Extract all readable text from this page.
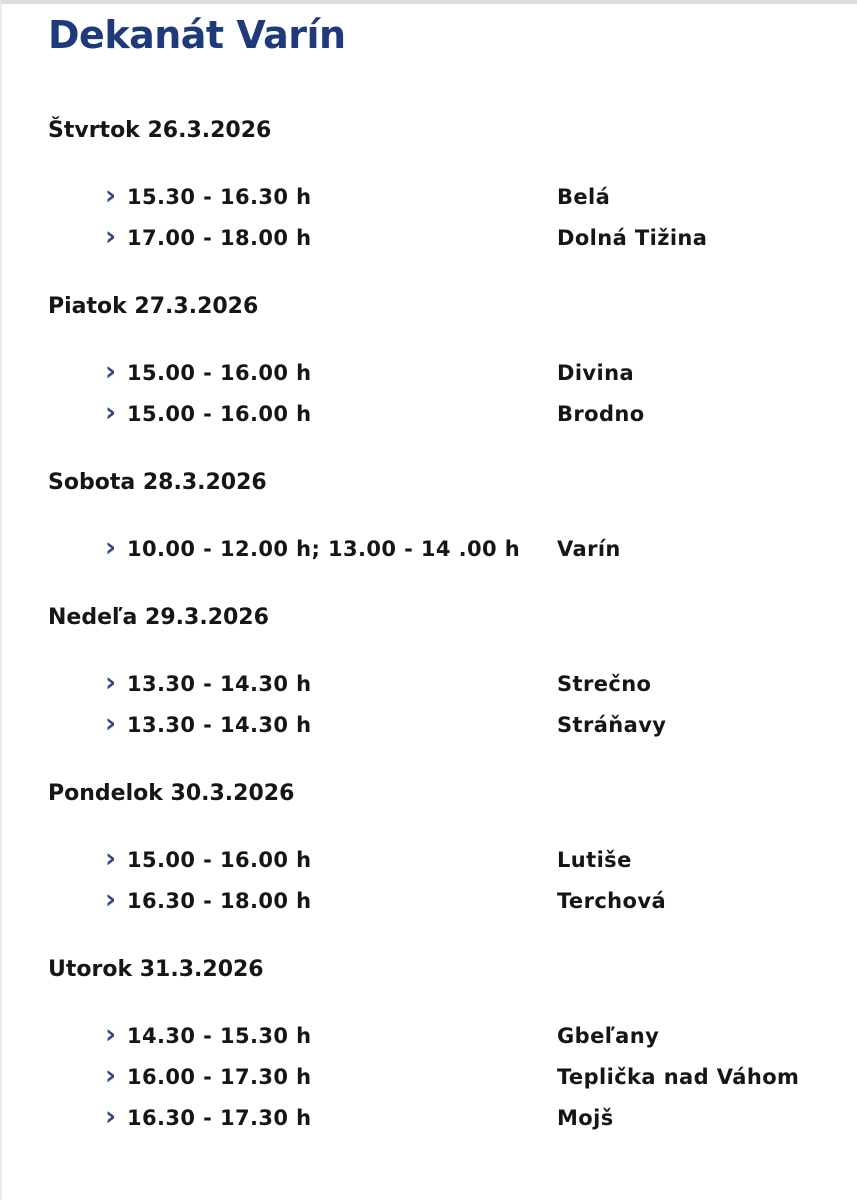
Dekanát Varín
Štvrtok 26.3.2026
› 15.30 - 16.30 h	Belá
› 17.00 - 18.00 h	Dolná Tižina
Piatok 27.3.2026
› 15.00 - 16.00 h	Divina
› 15.00 - 16.00 h	Brodno
Sobota 28.3.2026
› 10.00 - 12.00 h; 13.00 - 14 .00 h	Varín
Nedeľa 29.3.2026
› 13.30 - 14.30 h	Strečno
› 13.30 - 14.30 h	Stráňavy
Pondelok 30.3.2026
› 15.00 - 16.00 h	Lutiše
› 16.30 - 18.00 h	Terchová
Utorok 31.3.2026
› 14.30 - 15.30 h	Gbeľany
› 16.00 - 17.30 h	Teplička nad Váhom
› 16.30 - 17.30 h	Mojš
